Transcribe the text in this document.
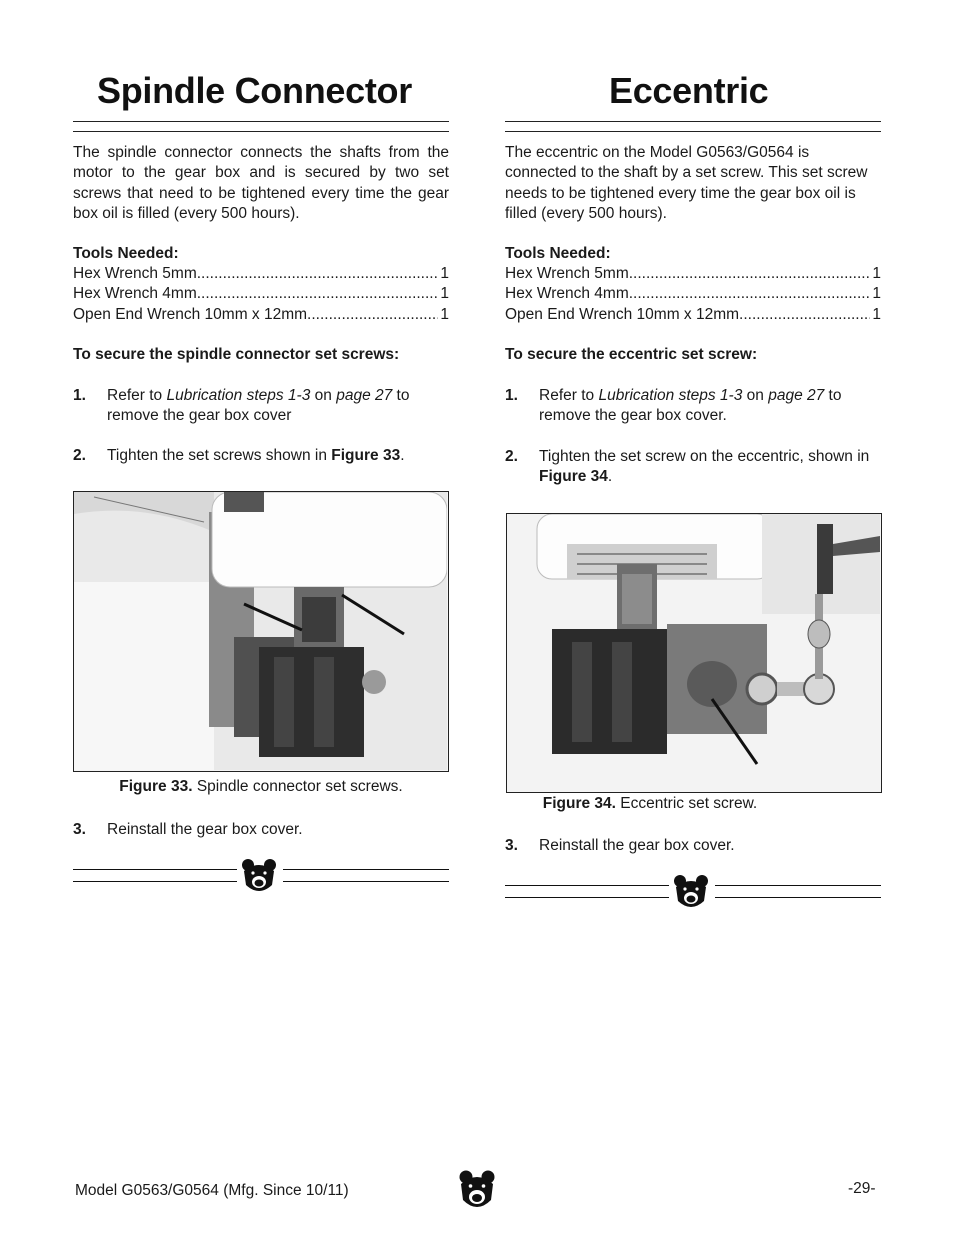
Spindle Connector
The spindle connector connects the shafts from the motor to the gear box and is secured by two set screws that need to be tightened every time the gear box oil is filled (every 500 hours).
Tools Needed:
Hex Wrench 5mm .....	1
Hex Wrench 4mm .....	1
Open End Wrench 10mm x 12mm .....	1
To secure the spindle connector set screws:
1. Refer to Lubrication steps 1-3 on page 27 to remove the gear box cover
2. Tighten the set screws shown in Figure 33.
Figure 33. Spindle connector set screws.
3. Reinstall the gear box cover.
Eccentric
The eccentric on the Model G0563/G0564 is connected to the shaft by a set screw. This set screw needs to be tightened every time the gear box oil is filled (every 500 hours).
Tools Needed:
Hex Wrench 5mm .....	1
Hex Wrench 4mm .....	1
Open End Wrench 10mm x 12mm .....	1
To secure the eccentric set screw:
1. Refer to Lubrication steps 1-3 on page 27 to remove the gear box cover.
2. Tighten the set screw on the eccentric, shown in Figure 34.
Figure 34. Eccentric set screw.
3. Reinstall the gear box cover.
Model G0563/G0564 (Mfg. Since 10/11)	-29-
